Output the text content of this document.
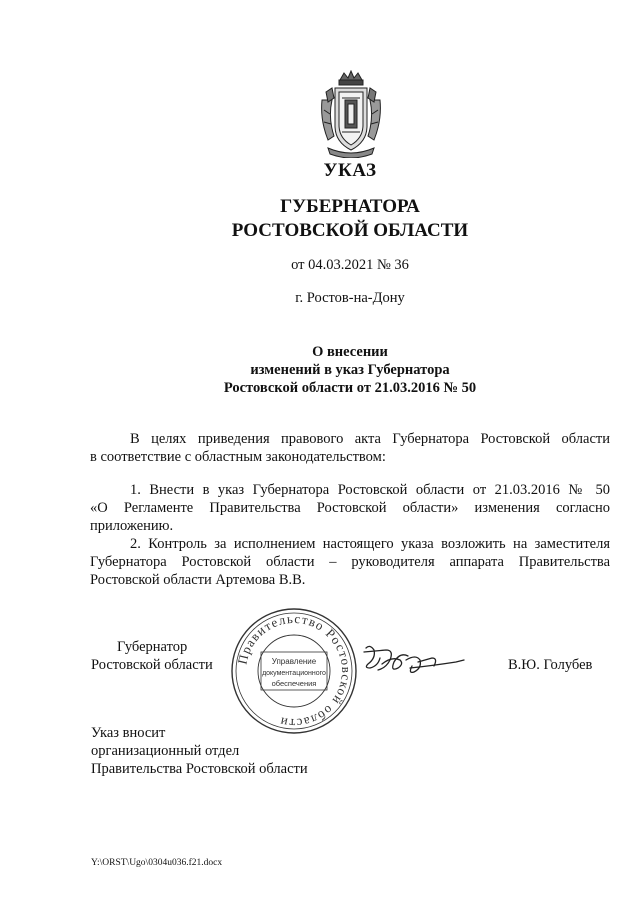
УКАЗ
ГУБЕРНАТОРА
РОСТОВСКОЙ ОБЛАСТИ
от 04.03.2021 № 36
г. Ростов-на-Дону
О внесении
изменений в указ Губернатора
Ростовской области от 21.03.2016 № 50
В целях приведения правового акта Губернатора Ростовской области
в соответствие с областным законодательством:
1. Внести в указ Губернатора Ростовской области от 21.03.2016 № 50
«О Регламенте Правительства Ростовской области» изменения согласно
приложению.
2. Контроль за исполнением настоящего указа возложить на заместителя
Губернатора Ростовской области – руководителя аппарата Правительства
Ростовской области Артемова В.В.
Губернатор
Ростовской области	В.Ю. Голубев
Правительство Ростовской области
Управление
документационного
обеспечения
Указ вносит
организационный отдел
Правительства Ростовской области
Y:\ORST\Ugo\0304u036.f21.docx
